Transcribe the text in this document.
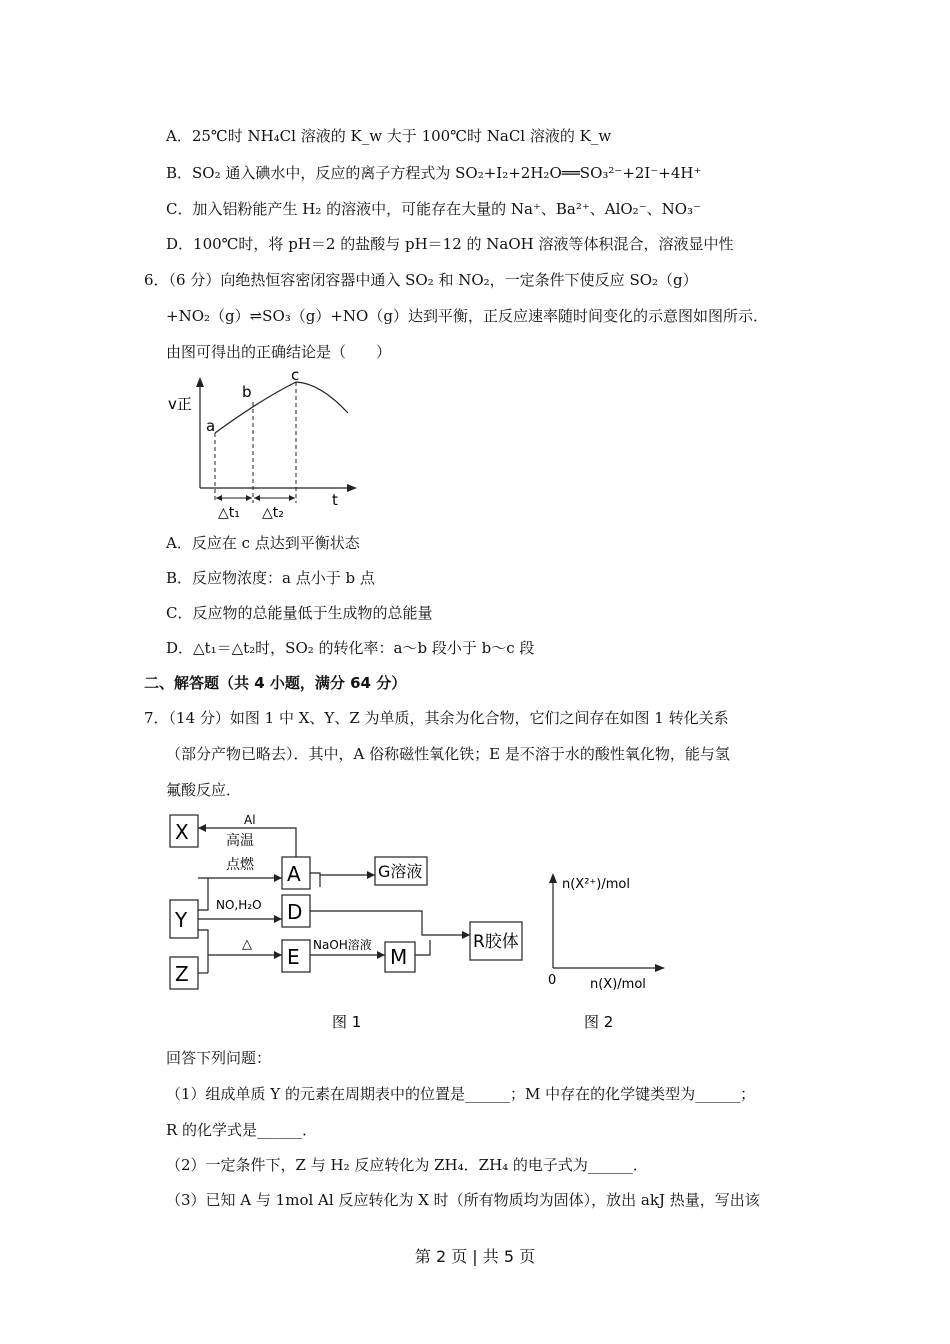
A．25℃时 NH₄Cl 溶液的 K_w 大于 100℃时 NaCl 溶液的 K_w
B．SO₂ 通入碘水中，反应的离子方程式为 SO₂+I₂+2H₂O══SO₃²⁻+2I⁻+4H⁺
C．加入铝粉能产生 H₂ 的溶液中，可能存在大量的 Na⁺、Ba²⁺、AlO₂⁻、NO₃⁻
D．100℃时，将 pH＝2 的盐酸与 pH＝12 的 NaOH 溶液等体积混合，溶液显中性
6．（6 分）向绝热恒容密闭容器中通入 SO₂ 和 NO₂，一定条件下使反应 SO₂（g）
+NO₂（g）⇌SO₃（g）+NO（g）达到平衡，正反应速率随时间变化的示意图如图所示．
由图可得出的正确结论是（　　）
v正
t
a
b
c
△t₁ △t₂
A．反应在 c 点达到平衡状态
B．反应物浓度：a 点小于 b 点
C．反应物的总能量低于生成物的总能量
D．△t₁＝△t₂时，SO₂ 的转化率：a～b 段小于 b～c 段
二、解答题（共 4 小题，满分 64 分）
7．（14 分）如图 1 中 X、Y、Z 为单质，其余为化合物，它们之间存在如图 1 转化关系
（部分产物已略去）．其中，A 俗称磁性氧化铁；E 是不溶于水的酸性氧化物，能与氢
氟酸反应．
X
Y
Z
A
D
E	M
G溶液
R胶体
Al
高温
点燃
NO,H₂O
△	NaOH溶液
图 1
n(X²⁺)/mol
0	n(X)/mol
图 2
回答下列问题：
（1）组成单质 Y 的元素在周期表中的位置是______；M 中存在的化学键类型为______；
R 的化学式是______．
（2）一定条件下，Z 与 H₂ 反应转化为 ZH₄．ZH₄ 的电子式为______．
（3）已知 A 与 1mol Al 反应转化为 X 时（所有物质均为固体），放出 akJ 热量，写出该
第 2 页 | 共 5 页
